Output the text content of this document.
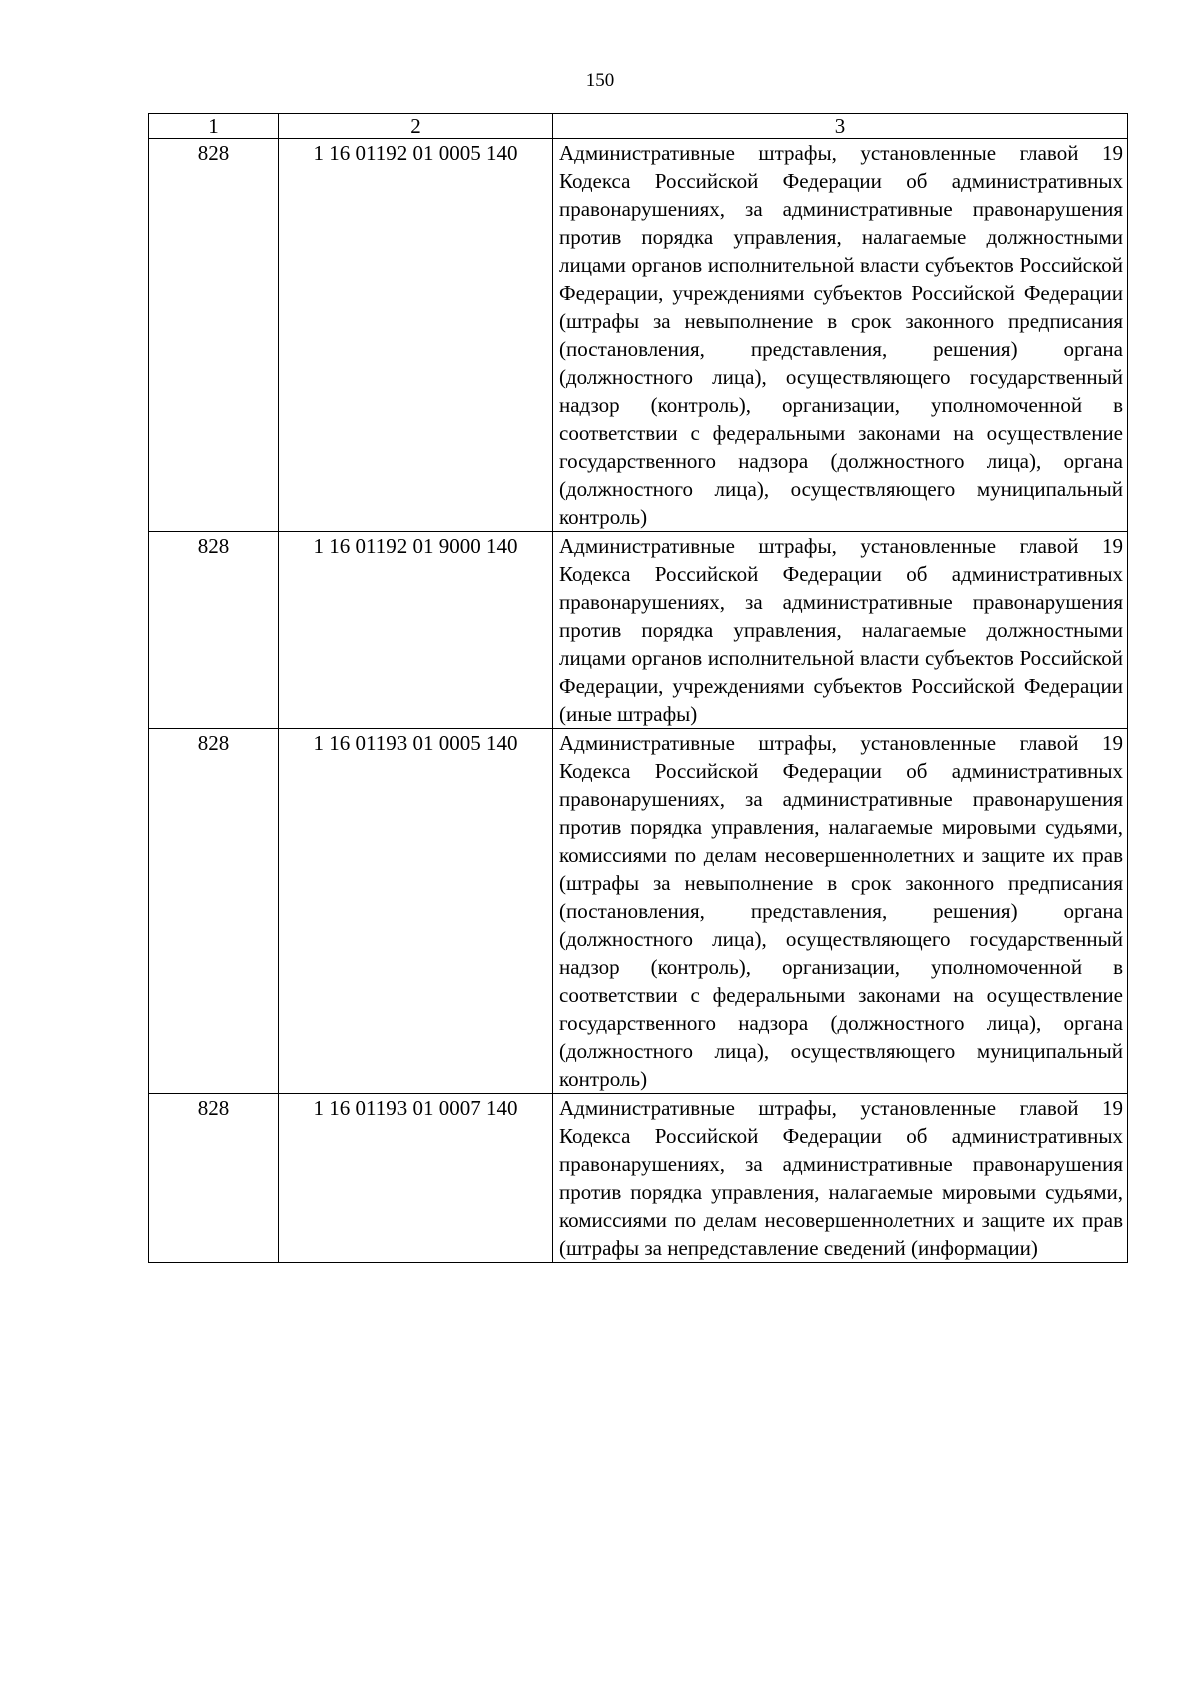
150
1	2	3

828	1 16 01192 01 0005 140	Административные штрафы, установленные главой 19 Кодекса Российской Федерации об административных правонарушениях, за административные правонарушения против порядка управления, налагаемые должностными лицами органов исполнительной власти субъектов Российской Федерации, учреждениями субъектов Российской Федерации (штрафы за невыполнение в срок законного предписания (постановления, представления, решения) органа (должностного лица), осуществляющего государственный надзор (контроль), организации, уполномоченной в соответствии с федеральными законами на осуществление государственного надзора (должностного лица), органа (должностного лица), осуществляющего муниципальный контроль)

828	1 16 01192 01 9000 140	Административные штрафы, установленные главой 19 Кодекса Российской Федерации об административных правонарушениях, за административные правонарушения против порядка управления, налагаемые должностными лицами органов исполнительной власти субъектов Российской Федерации, учреждениями субъектов Российской Федерации (иные штрафы)

828	1 16 01193 01 0005 140	Административные штрафы, установленные главой 19 Кодекса Российской Федерации об административных правонарушениях, за административные правонарушения против порядка управления, налагаемые мировыми судьями, комиссиями по делам несовершеннолетних и защите их прав (штрафы за невыполнение в срок законного предписания (постановления, представления, решения) органа (должностного лица), осуществляющего государственный надзор (контроль), организации, уполномоченной в соответствии с федеральными законами на осуществление государственного надзора (должностного лица), органа (должностного лица), осуществляющего муниципальный контроль)

828	1 16 01193 01 0007 140	Административные штрафы, установленные главой 19 Кодекса Российской Федерации об административных правонарушениях, за административные правонарушения против порядка управления, налагаемые мировыми судьями, комиссиями по делам несовершеннолетних и защите их прав (штрафы за непредставление сведений (информации)
